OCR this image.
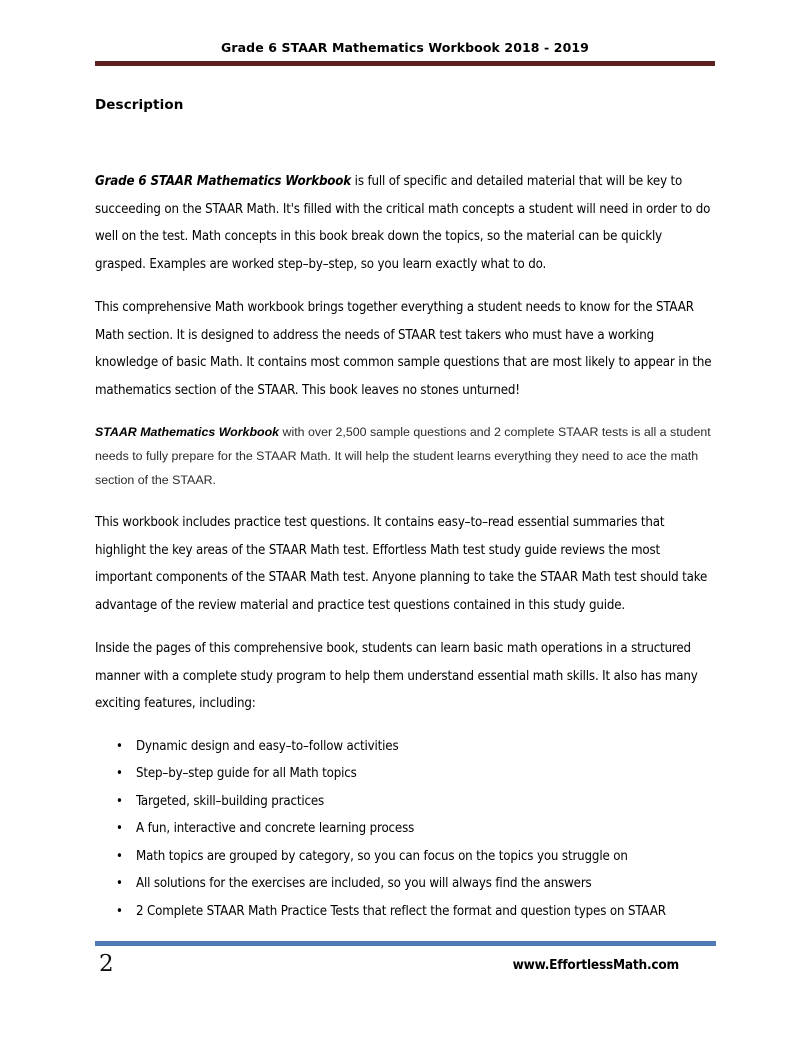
Grade 6 STAAR Mathematics Workbook 2018 - 2019
Description

Grade 6 STAAR Mathematics Workbook is full of specific and detailed material that will be key to succeeding on the STAAR Math. It's filled with the critical math concepts a student will need in order to do well on the test. Math concepts in this book break down the topics, so the material can be quickly grasped. Examples are worked step–by–step, so you learn exactly what to do.

This comprehensive Math workbook brings together everything a student needs to know for the STAAR Math section. It is designed to address the needs of STAAR test takers who must have a working knowledge of basic Math. It contains most common sample questions that are most likely to appear in the mathematics section of the STAAR. This book leaves no stones unturned!

STAAR Mathematics Workbook with over 2,500 sample questions and 2 complete STAAR tests is all a student needs to fully prepare for the STAAR Math. It will help the student learns everything they need to ace the math section of the STAAR.

This workbook includes practice test questions. It contains easy–to–read essential summaries that highlight the key areas of the STAAR Math test. Effortless Math test study guide reviews the most important components of the STAAR Math test. Anyone planning to take the STAAR Math test should take advantage of the review material and practice test questions contained in this study guide.

Inside the pages of this comprehensive book, students can learn basic math operations in a structured manner with a complete study program to help them understand essential math skills. It also has many exciting features, including:

• Dynamic design and easy–to–follow activities
• Step–by–step guide for all Math topics
• Targeted, skill–building practices
• A fun, interactive and concrete learning process
• Math topics are grouped by category, so you can focus on the topics you struggle on
• All solutions for the exercises are included, so you will always find the answers
• 2 Complete STAAR Math Practice Tests that reflect the format and question types on STAAR
2	www.EffortlessMath.com
